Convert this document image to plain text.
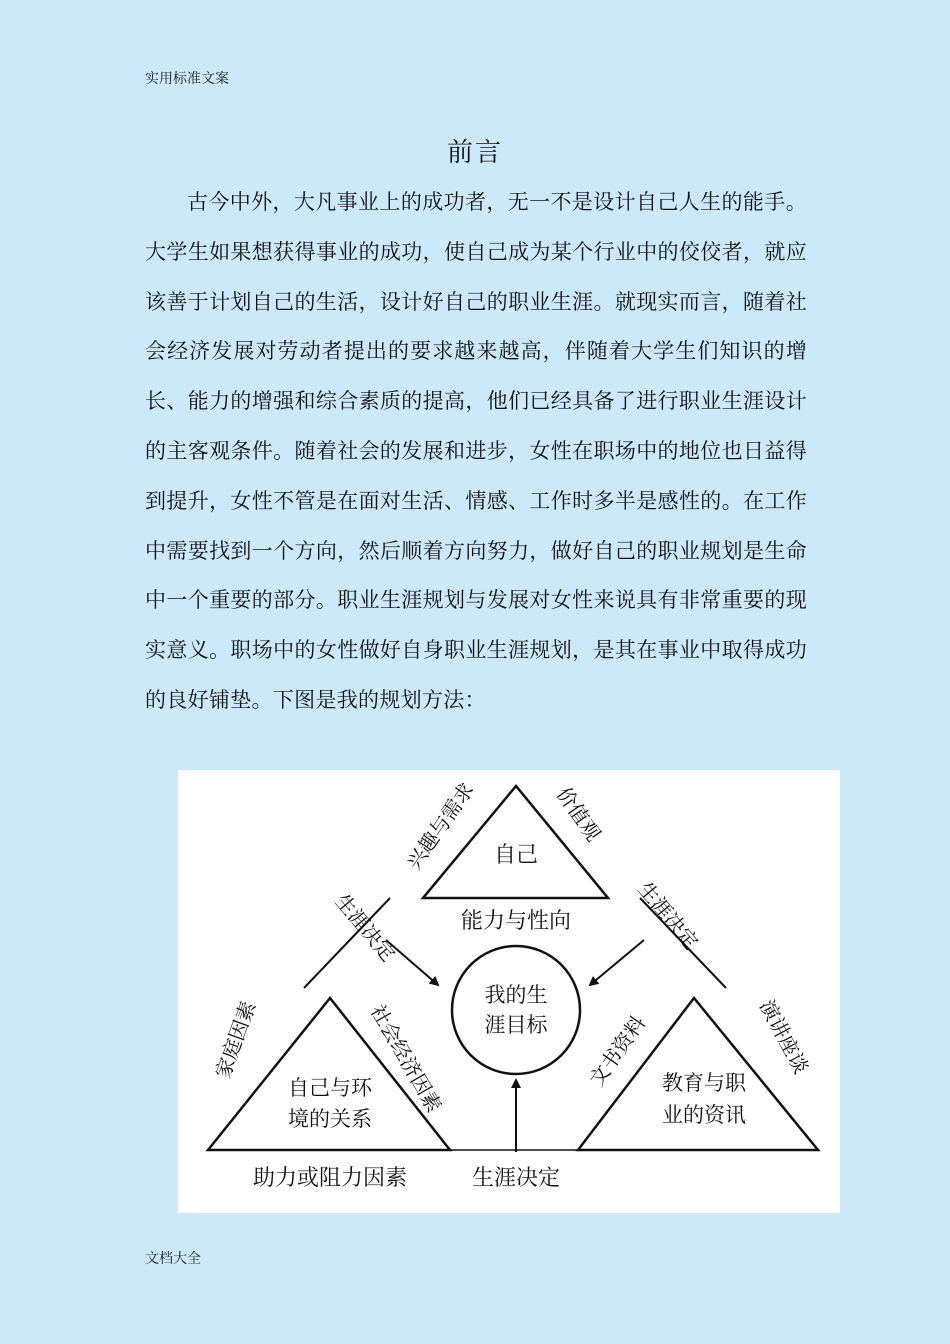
实用标准文案
前言
古今中外，大凡事业上的成功者，无一不是设计自己人生的能手。大学生如果想获得事业的成功，使自己成为某个行业中的佼佼者，就应该善于计划自己的生活，设计好自己的职业生涯。就现实而言，随着社会经济发展对劳动者提出的要求越来越高，伴随着大学生们知识的增长、能力的增强和综合素质的提高，他们已经具备了进行职业生涯设计的主客观条件。随着社会的发展和进步，女性在职场中的地位也日益得到提升，女性不管是在面对生活、情感、工作时多半是感性的。在工作中需要找到一个方向，然后顺着方向努力，做好自己的职业规划是生命中一个重要的部分。职业生涯规划与发展对女性来说具有非常重要的现实意义。职场中的女性做好自身职业生涯规划，是其在事业中取得成功的良好铺垫。下图是我的规划方法：
自己
兴趣与需求	价值观
能力与性向
我的生
涯目标
生涯决定	生涯决定
自己与环
境的关系
家庭因素	社会经济因素
助力或阻力因素	生涯决定
教育与职
业的资讯
文书资料	演讲座谈
文档大全
